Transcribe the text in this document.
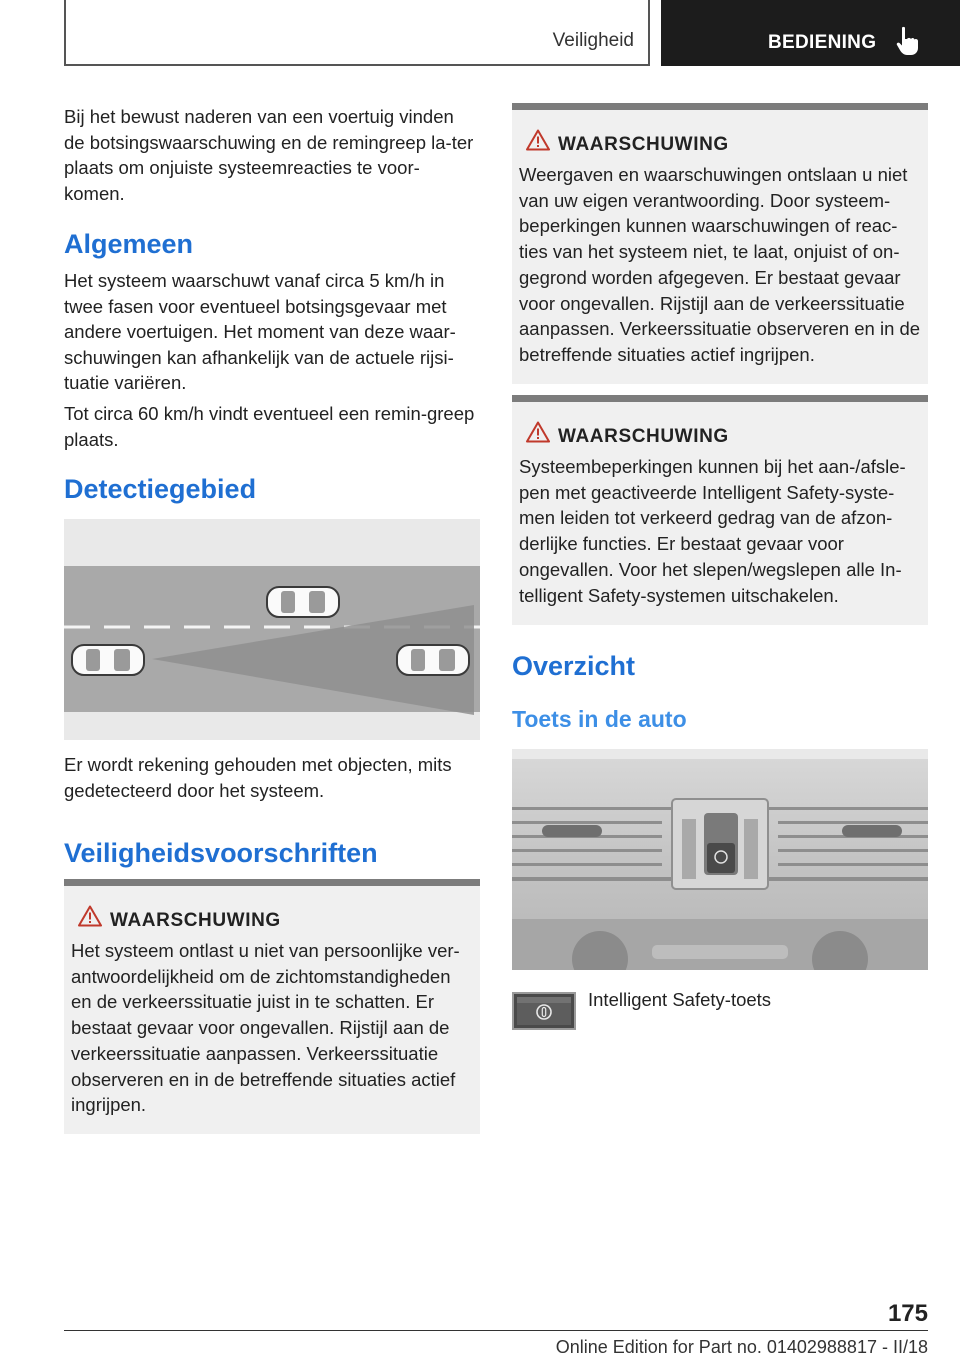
Veiligheid	BEDIENING

Bij het bewust naderen van een voertuig vinden de botsingswaarschuwing en de remingreep la-ter plaats om onjuiste systeemreacties te voor-komen.

Algemeen

Het systeem waarschuwt vanaf circa 5 km/h in twee fasen voor eventueel botsingsgevaar met andere voertuigen. Het moment van deze waar-schuwingen kan afhankelijk van de actuele rijsi-tuatie variëren.

Tot circa 60 km/h vindt eventueel een remin-greep plaats.

Detectiegebied

Er wordt rekening gehouden met objecten, mits gedetecteerd door het systeem.

Veiligheidsvoorschriften
WAARSCHUWING

Het systeem ontlast u niet van persoonlijke ver-antwoordelijkheid om de zichtomstandigheden en de verkeerssituatie juist in te schatten. Er bestaat gevaar voor ongevallen. Rijstijl aan de verkeerssituatie aanpassen. Verkeerssituatie observeren en in de betreffende situaties actief ingrijpen.

WAARSCHUWING

Weergaven en waarschuwingen ontslaan u niet van uw eigen verantwoording. Door systeem-beperkingen kunnen waarschuwingen of reac-ties van het systeem niet, te laat, onjuist of on-gegrond worden afgegeven. Er bestaat gevaar voor ongevallen. Rijstijl aan de verkeerssituatie aanpassen. Verkeerssituatie observeren en in de betreffende situaties actief ingrijpen.

WAARSCHUWING

Systeembeperkingen kunnen bij het aan-/afsle-pen met geactiveerde Intelligent Safety-syste-men leiden tot verkeerd gedrag van de afzon-derlijke functies. Er bestaat gevaar voor ongevallen. Voor het slepen/wegslepen alle In-telligent Safety-systemen uitschakelen.

Overzicht
Toets in de auto
Intelligent Safety-toets
175
Online Edition for Part no. 01402988817 - II/18
